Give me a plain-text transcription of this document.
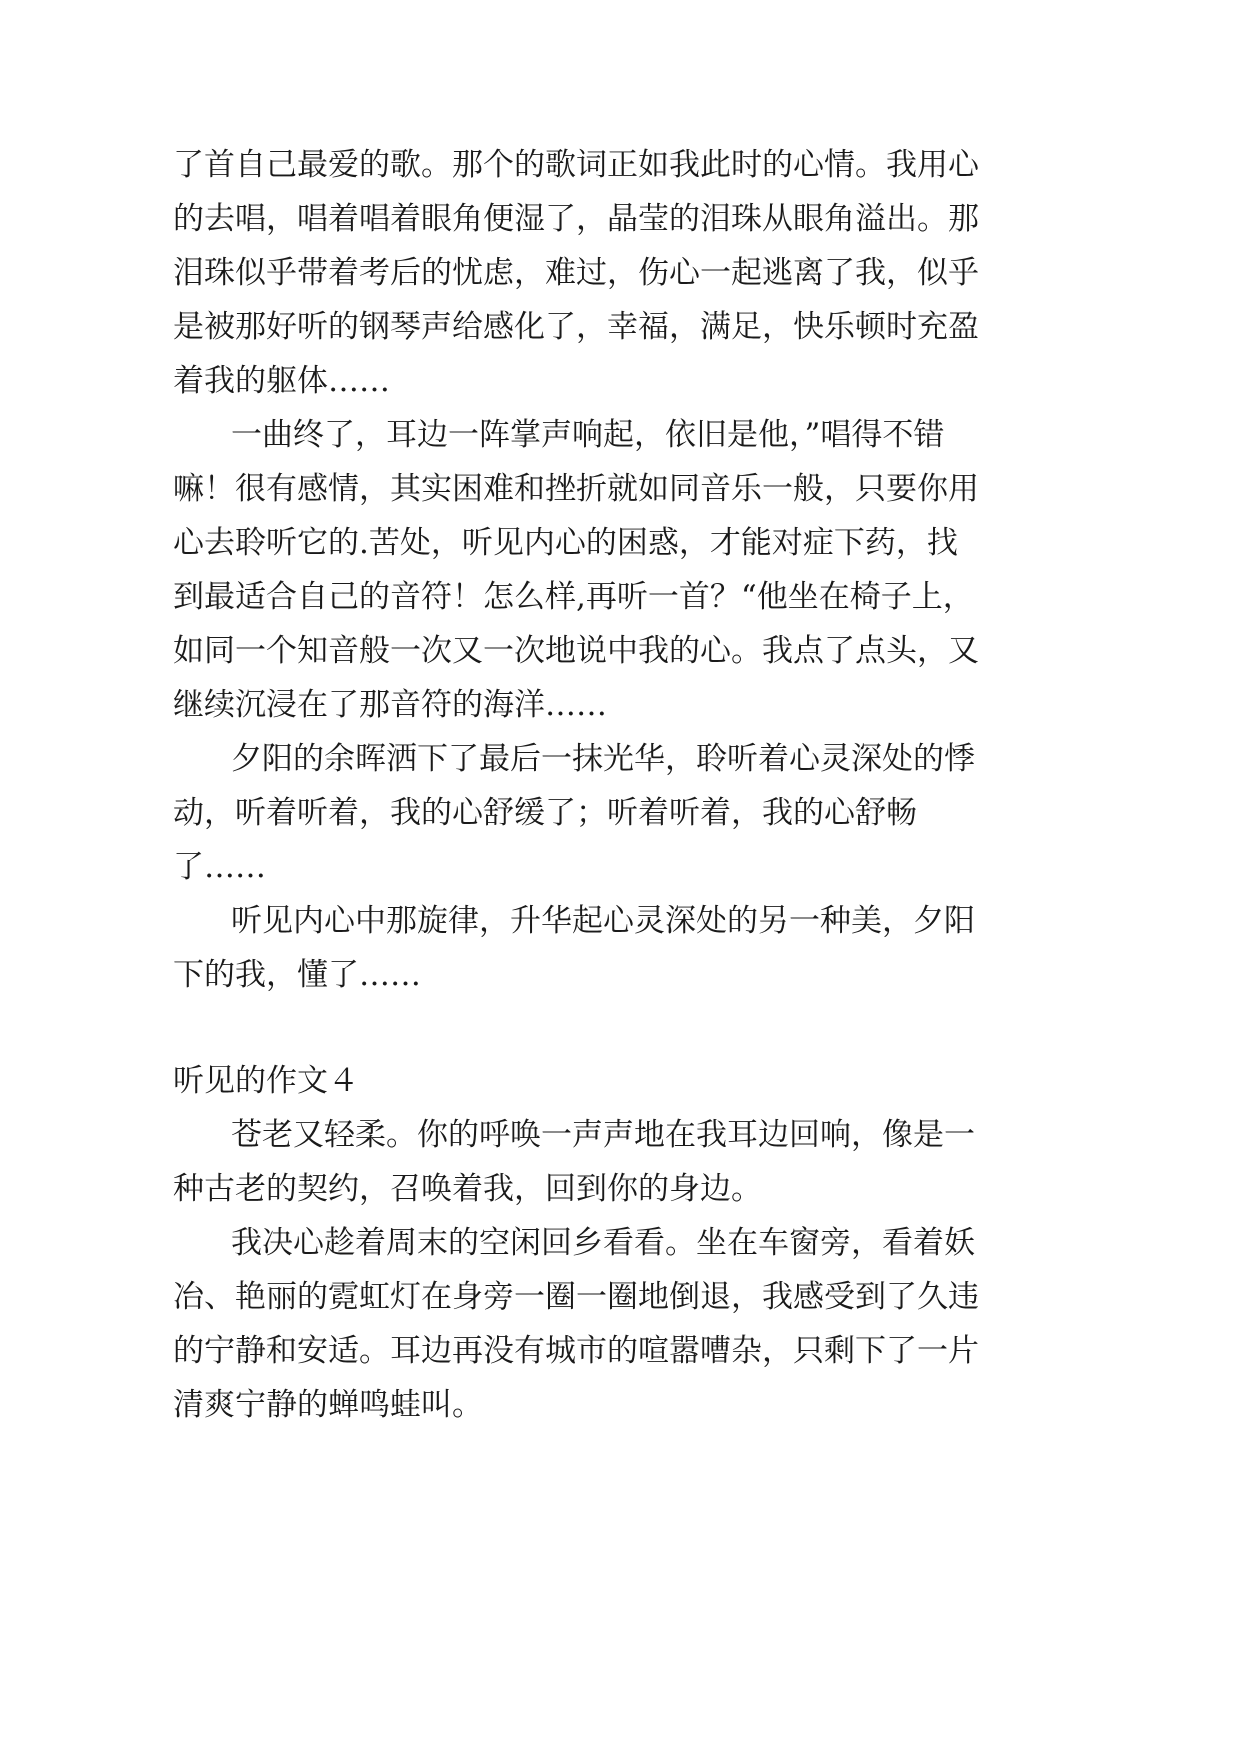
了首自己最爱的歌。那个的歌词正如我此时的心情。我用心
的去唱，唱着唱着眼角便湿了，晶莹的泪珠从眼角溢出。那
泪珠似乎带着考后的忧虑，难过，伤心一起逃离了我，似乎
是被那好听的钢琴声给感化了，幸福，满足，快乐顿时充盈
着我的躯体……
一曲终了，耳边一阵掌声响起，依旧是他，”唱得不错
嘛！很有感情，其实困难和挫折就如同音乐一般，只要你用
心去聆听它的.苦处，听见内心的困惑，才能对症下药，找
到最适合自己的音符！怎么样,再听一首？“他坐在椅子上，
如同一个知音般一次又一次地说中我的心。我点了点头，又
继续沉浸在了那音符的海洋……
夕阳的余晖洒下了最后一抹光华，聆听着心灵深处的悸
动，听着听着，我的心舒缓了；听着听着，我的心舒畅
了……
听见内心中那旋律，升华起心灵深处的另一种美，夕阳
下的我，懂了……
听见的作文４
苍老又轻柔。你的呼唤一声声地在我耳边回响，像是一
种古老的契约，召唤着我，回到你的身边。
我决心趁着周末的空闲回乡看看。坐在车窗旁，看着妖
冶、艳丽的霓虹灯在身旁一圈一圈地倒退，我感受到了久违
的宁静和安适。耳边再没有城市的喧嚣嘈杂，只剩下了一片
清爽宁静的蝉鸣蛙叫。
